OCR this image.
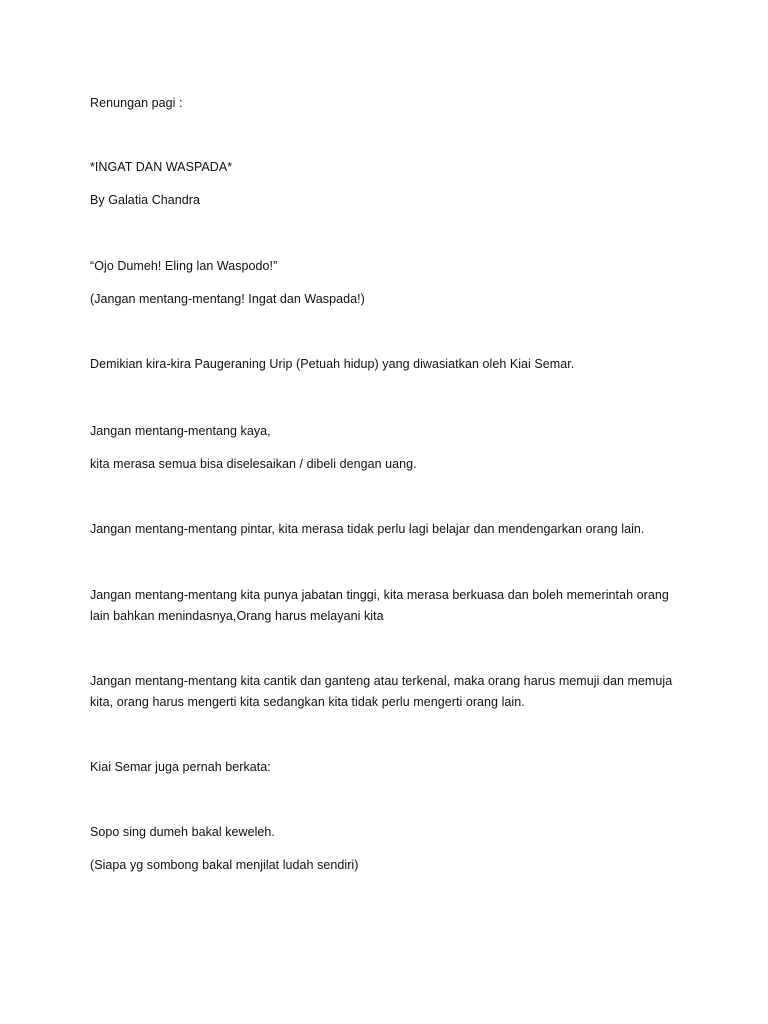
Renungan pagi :
*INGAT DAN WASPADA*
By Galatia Chandra
“Ojo Dumeh! Eling lan Waspodo!”
(Jangan mentang-mentang! Ingat dan Waspada!)
Demikian kira-kira Paugeraning Urip (Petuah hidup) yang diwasiatkan oleh Kiai Semar.
Jangan mentang-mentang kaya,
kita merasa semua bisa diselesaikan / dibeli dengan uang.
Jangan mentang-mentang pintar, kita merasa tidak perlu lagi belajar dan mendengarkan orang lain.
Jangan mentang-mentang kita punya jabatan tinggi, kita merasa berkuasa dan boleh memerintah orang lain bahkan menindasnya,Orang harus melayani kita
Jangan mentang-mentang kita cantik dan ganteng atau terkenal, maka orang harus memuji dan memuja kita, orang harus mengerti kita sedangkan kita tidak perlu mengerti orang lain.
Kiai Semar juga pernah berkata:
Sopo sing dumeh bakal keweleh.
(Siapa yg sombong bakal menjilat ludah sendiri)
